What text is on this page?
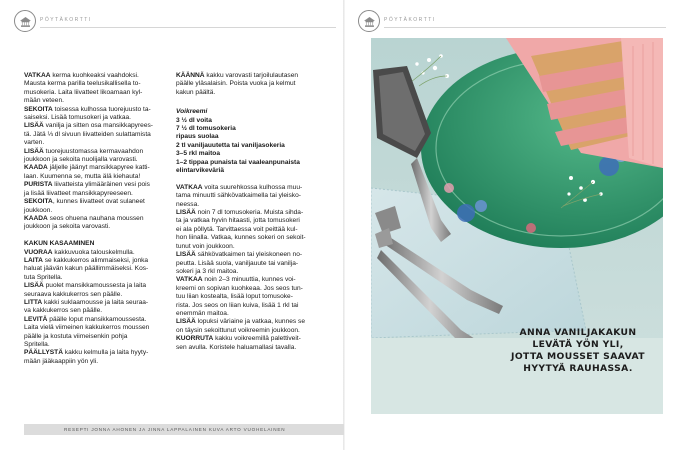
PÖYTÄKORTTI	PÖYTÄKORTTI
VATKAA kerma kuohkeaksi vaahdoksi.
Mausta kerma parilla teelusikallisella to-
musokeria. Laita liivatteet likoamaan kyl-
mään veteen.
SEKOITA toisessa kulhossa tuorejuusto ta-
saiseksi. Lisää tomusokeri ja vatkaa.
LISÄÄ vanilja ja sitten osa mansikkapyrees-
tä. Jätä ⅓ dl sivuun liivatteiden sulattamista
varten.
LISÄÄ tuorejuustomassa kermavaahdon
joukkoon ja sekoita nuolijalla varovasti.
KAADA jäljelle jäänyt mansikkapyree katti-
laan. Kuumenna se, mutta älä kiehauta!
PURISTA liivatteista ylimääräinen vesi pois
ja lisää liivatteet mansikkapyreeseen.
SEKOITA, kunnes liivatteet ovat sulaneet
joukkoon.
KAADA seos ohuena nauhana moussen
joukkoon ja sekoita varovasti.
KAKUN KASAAMINEN
VUORAA kakkuvuoka talouskelmulla.
LAITA se kakkukerros alimmaiseksi, jonka
haluat jäävän kakun päällimmäiseksi. Kos-
tuta Spritella.
LISÄÄ puolet mansikkamoussesta ja laita
seuraava kakkukerros sen päälle.
LITTA kakki suklaamousse ja laita seuraa-
va kakkukerros sen päälle.
LEVITÄ päälle loput mansikkamoussesta.
Laita vielä viimeinen kakkukerros moussen
päälle ja kostuta viimeisenkin pohja
Spritella.
PÄÄLLYSTÄ kakku kelmulla ja laita hyyty-
mään jääkaappiin yön yli.
KÄÄNNÄ kakku varovasti tarjoilulautasen
päälle yläsalaisin. Poista vuoka ja kelmut
kakun päältä.
Voikreemi
3 ½ dl voita
7 ½ dl tomusokeria
ripaus suolaa
2 tl vaniljauutetta tai vaniljasokeria
3–5 rkl maitoa
1–2 tippaa punaista tai vaaleanpunaista
elintarvikeväriä
VATKAA voita suurehkossa kulhossa muu-
tama minuutti sähkövatkaimella tai yleisko-
neessa.
LISÄÄ noin 7 dl tomusokeria. Muista sihda-
ta ja vatkaa hyvin hitaasti, jotta tomusokeri
ei ala pöllytä. Tarvittaessa voit peittää kul-
hon liinalla. Vatkaa, kunnes sokeri on sekoit-
tunut voin joukkoon.
LISÄÄ sähkövatkaimen tai yleiskoneen no-
peutta. Lisää suola, vaniljauute tai vanilja-
sokeri ja 3 rkl maitoa.
VATKAA noin 2–3 minuuttia, kunnes voi-
kreemi on sopivan kuohkeaa. Jos seos tun-
tuu liian kostealta, lisää loput tomusoke-
rista. Jos seos on liian kuiva, lisää 1 rkl tai
enemmän maitoa.
LISÄÄ lopuksi väriaine ja vatkaa, kunnes se
on täysin sekoittunut voikreemin joukkoon.
KUORRUTA kakku voikreemillä palettiveit-
sen avulla. Koristele haluamallasi tavalla.
RESEPTI JONNA AHONEN JA JINNA LAPPALAINEN KUVA ARTO VUOHELAINEN
ANNA VANILJAKAKUN
LEVÄTÄ YÖN YLI,
JOTTA MOUSSET SAAVAT
HYYTYÄ RAUHASSA.
